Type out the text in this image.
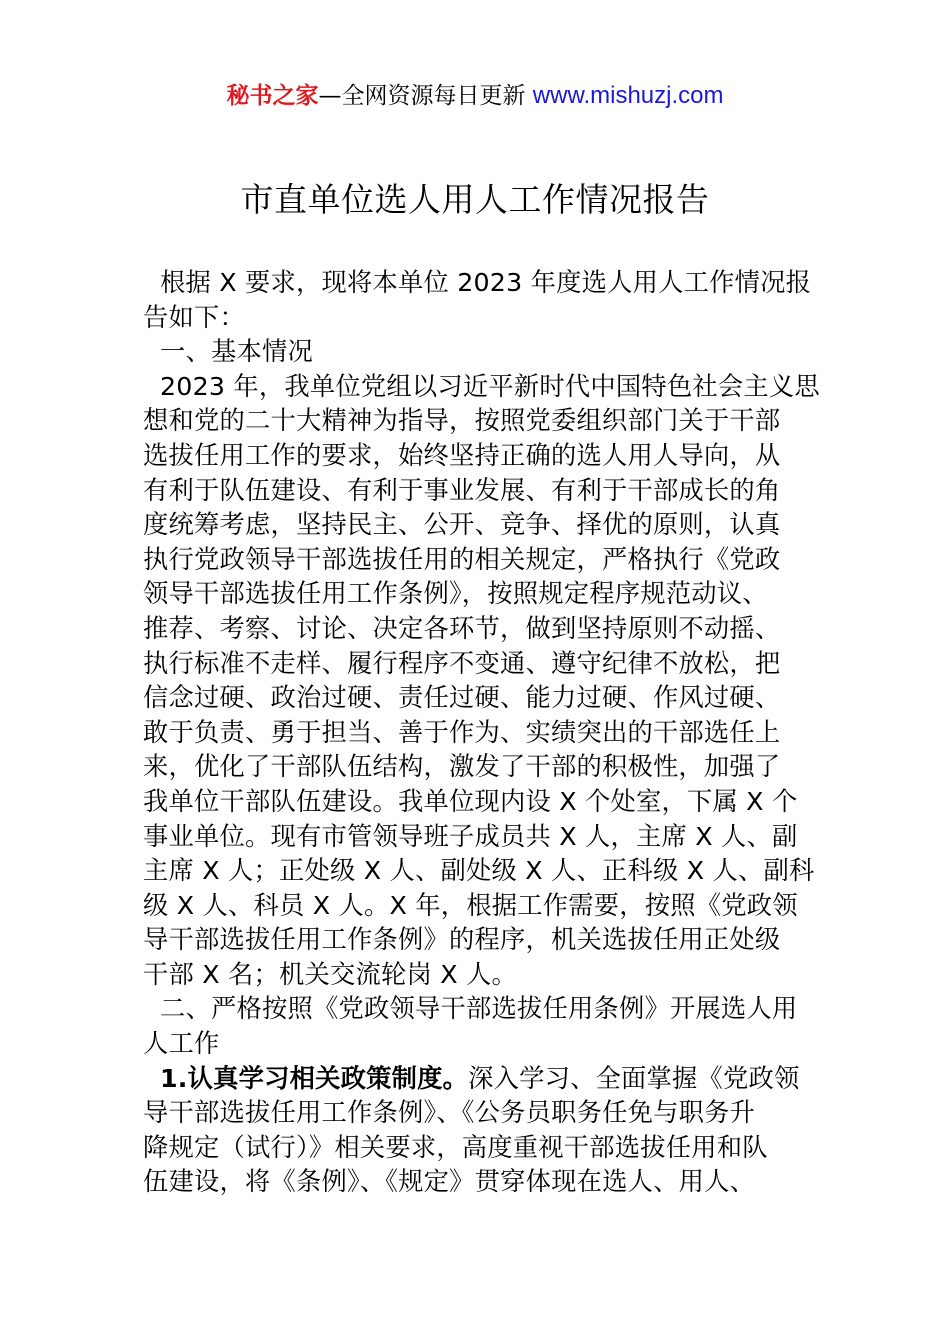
秘书之家—全网资源每日更新 www.mishuzj.com
市直单位选人用人工作情况报告
根据 X 要求，现将本单位 2023 年度选人用人工作情况报
告如下：
一、基本情况
2023 年，我单位党组以习近平新时代中国特色社会主义思
想和党的二十大精神为指导，按照党委组织部门关于干部
选拔任用工作的要求，始终坚持正确的选人用人导向，从
有利于队伍建设、有利于事业发展、有利于干部成长的角
度统筹考虑，坚持民主、公开、竞争、择优的原则，认真
执行党政领导干部选拔任用的相关规定，严格执行《党政
领导干部选拔任用工作条例》，按照规定程序规范动议、
推荐、考察、讨论、决定各环节，做到坚持原则不动摇、
执行标准不走样、履行程序不变通、遵守纪律不放松，把
信念过硬、政治过硬、责任过硬、能力过硬、作风过硬、
敢于负责、勇于担当、善于作为、实绩突出的干部选任上
来，优化了干部队伍结构，激发了干部的积极性，加强了
我单位干部队伍建设。我单位现内设 X 个处室，下属 X 个
事业单位。现有市管领导班子成员共 X 人，主席 X 人、副
主席 X 人；正处级 X 人、副处级 X 人、正科级 X 人、副科
级 X 人、科员 X 人。X 年，根据工作需要，按照《党政领
导干部选拔任用工作条例》的程序，机关选拔任用正处级
干部 X 名；机关交流轮岗 X 人。
二、严格按照《党政领导干部选拔任用条例》开展选人用
人工作
1.认真学习相关政策制度。深入学习、全面掌握《党政领
导干部选拔任用工作条例》、《公务员职务任免与职务升
降规定（试行）》相关要求，高度重视干部选拔任用和队
伍建设，将《条例》、《规定》贯穿体现在选人、用人、
